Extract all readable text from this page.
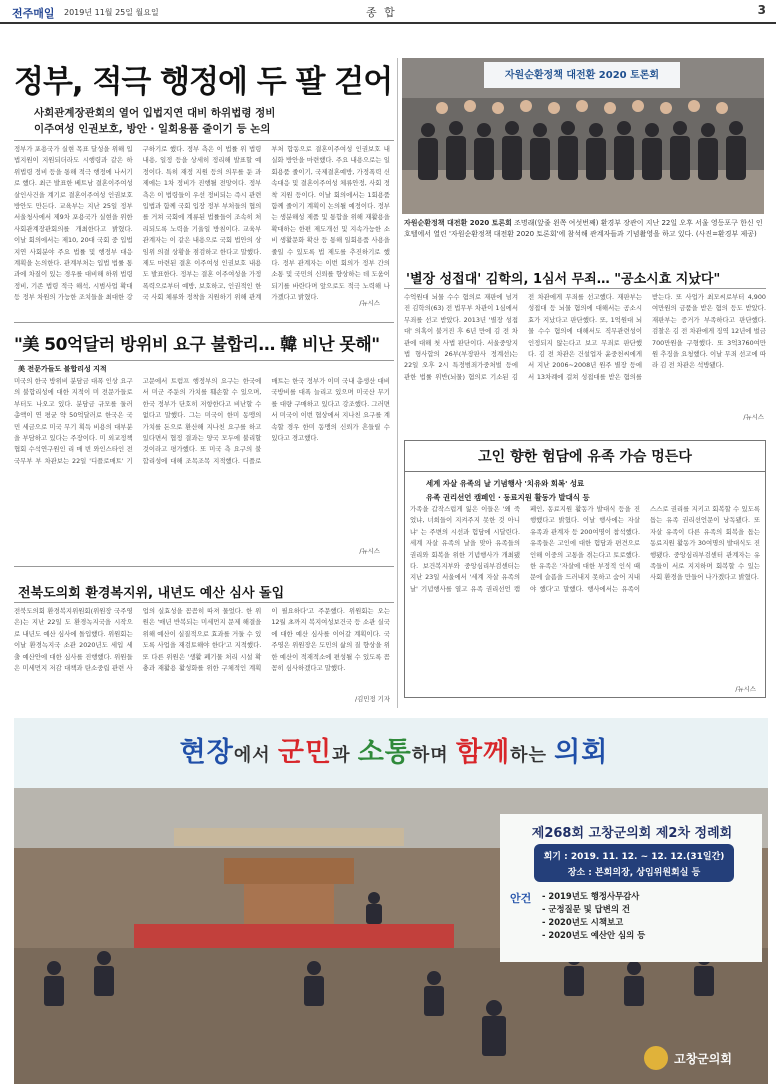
전주매일 2019년 11월 25일 월요일	종 합	3
정부, 적극 행정에 두 팔 걷어
사회관계장관회의 열어 입법지연 대비 하위법령 정비
이주여성 인권보호, 방안 · 일회용품 줄이기 등 논의
정부가 포용국가 실현 목표 달성을 위해 입법지원이 지원되더라도 시행령과 같은 하위법령 정비 등을 통해 적극 행정에 나서기로 했다. 최근 발표한 베트남 결혼이주여성 살인사건을 계기로 결혼이주여성 인권보호 방안도 만든다. 교육부는 지난 25일 정부서울청사에서 제9차 포용국가 실현을 위한 사회관계장관회의를 개최한다고 밝혔다. 이날 회의에서는 제10, 20대 국회 중 입법지연 사회분야 주요 법률 및 행정부 대응 계획을 논의한다. 관계부처는 입법 법률 통과에 차질이 있는 경우를 대비해 하위 법령 정비, 기존 법령 적극 해석, 시범사업 확대 등 정부 차원의 가능한 조치들을 최대한 강구하기로 했다. 정부 측은 이 법률 위 법령 내용, 일정 등을 상세히 정리해 발표할 예정이다. 특히 재정 지원 등의 의무를 둔 과제에는 1차 정비가 진행될 전망이다. 정부 측은 이 법령들이 우선 정비되는 즉시 관련 입법과 함께 국회 입장 정부 부처들의 협의를 거쳐 국회에 계류된 법률들이 조속히 처리되도록 노력을 기울일 방침이다. 교육부 관계자는 이 같은 내용으로 국회 법안의 상임위 의결 상황을 점검하고 한다고 말했다. 제도 마련된 결혼 이주여성 인권보호 내용도 발표한다. 정부는 결혼 이주여성을 가정폭력으로부터 예방, 보호하고, 인권적인 한국 사회 체류와 정착을 지원하기 위해 관계부처 합동으로 결혼이주여성 인권보호 내실화 방안을 마련했다. 주요 내용으로는 일회용품 줄이기, 국제결혼예방, 가정폭력 신속대응 및 결혼이주여성 체류안정, 사회 정착 지원 등이다. 이날 회의에서는 1회용품 함께 줄이기 계획이 논의될 예정이다. 정부는 생분해성 제품 및 통합을 위해 재활용을 확대하는 한편 제도개선 및 지속가능한 소비 생활문화 확산 등 통해 일회용품 사용을 줄일 수 있도록 법 제도를 추진하기로 했다. 정부 관계자는 이번 회의가 정부 간의 소통 및 국민의 신뢰를 향상하는 데 도움이 되기를 바란다며 앞으로도 적극 노력해 나가겠다고 밝혔다.
/뉴시스
자원순환정책 대전환 2020 토론회
자원순환정책 대전환 2020 토론회 조명래(앞줄 왼쪽 여섯번째) 환경부 장관이 지난 22일 오후 서울 영등포구 한신 인 호텔에서 열린 '자원순환정책 대전환 2020 토론회'에 참석해 관계자들과 기념촬영을 하고 있다. (사진=환경부 제공)
'별장 성접대' 김학의, 1심서 무죄… "공소시효 지났다"
수억원대 뇌물 수수 혐의로 재판에 넘겨진 김학의(63) 전 법무부 차관이 1심에서 무죄를 선고 받았다. 2013년 '별장 성접대' 의혹이 불거진 후 6년 만에 김 전 차관에 대해 첫 사법 판단이다. 서울중앙지법 형사합의 26부(부장판사 정계선)는 22일 오후 2시 특정범죄가중처벌 등에 관한 법률 위반(뇌물) 혐의로 기소된 김 전 차관에게 무죄를 선고했다. 재판부는 성접대 등 뇌물 혐의에 대해서는 공소시효가 지났다고 판단했다. 또, 1억원대 뇌물 수수 혐의에 대해서도 직무관련성이 인정되지 않는다고 보고 무죄로 판단했다. 김 전 차관은 건설업자 윤중천씨에게 서 지난 2006~2008년 원주 별장 등에서 13차례에 걸쳐 성접대를 받은 혐의를 받는다. 또 사업가 최모씨로부터 4,900여만원의 금품을 받은 혐의 등도 받았다. 재판부는 증거가 부족하다고 판단했다. 검찰은 김 전 차관에게 징역 12년에 벌금 700만원을 구형했다. 또 3억3760여만원 추징을 요청했다. 이날 무죄 선고에 따라 김 전 차관은 석방됐다.
/뉴시스
"美 50억달러 방위비 요구 불합리… 韓 비난 못해"
美 전문가들도 불합리성 지적
미국의 한국 방위비 분담금 대폭 인상 요구의 불합리성에 대한 지적이 미 전문가들로부터도 나오고 있다. 분담금 규모를 둘러 총액이 연 평균 약 50억달러로 한국은 국민 세금으로 미국 무기 획득 비용의 대부분을 부담하고 있다는 주장이다. 미 외교정책협회 수석연구원인 리 매 빈 와인스타인 전 국무부 부 차관보는 22일 '디플로매트' 기고문에서 트럼프 행정부의 요구는 한국에서 미군 주둔의 가치를 훼손할 수 있으며, 한국 정부가 단호히 저항한다고 비난할 수 없다고 말했다. 그는 미국이 한미 동맹의 가치를 돈으로 환산해 지나친 요구를 하고 있다면서 협정 결과는 양국 모두에 불리할 것이라고 평가했다. 또 미국 측 요구의 불합리성에 대해 조목조목 지적했다. 디플로매트는 한국 정부가 이미 국내 총생산 대비 국방비를 대폭 늘리고 있으며 미국산 무기를 대량 구매하고 있다고 강조했다. 그러면서 미국이 이번 협상에서 지나친 요구를 계속할 경우 한미 동맹의 신뢰가 흔들릴 수 있다고 경고했다.
/뉴시스
고인 향한 험담에 유족 가슴 멍든다
세계 자살 유족의 날 기념행사 '치유와 회복' 성료
유족 권리선언 캠페인 · 동료지원 활동가 발대식 등
가족을 갑작스럽게 잃은 이들은 '왜 죽었냐, 너희들이 지켜주지 못한 것 아니냐' 는 주변의 시선과 험담에 시달린다. 세계 자살 유족의 날을 맞아 유족들의 권리와 회복을 위한 기념행사가 개최됐다. 보건복지부와 중앙심리부검센터는 지난 23일 서울에서 '세계 자살 유족의 날' 기념행사를 열고 유족 권리선언 캠페인, 동료지원 활동가 발대식 등을 진행했다고 밝혔다. 이날 행사에는 자살 유족과 관계자 등 200여명이 참석했다. 유족들은 고인에 대한 험담과 편견으로 인해 이중의 고통을 겪는다고 토로했다. 한 유족은 '자살에 대한 부정적 인식 때문에 슬픔을 드러내지 못하고 숨어 지내야 했다'고 말했다. 행사에서는 유족이 스스로 권리를 지키고 회복할 수 있도록 돕는 유족 권리선언문이 낭독됐다. 또 자살 유족이 다른 유족의 회복을 돕는 동료지원 활동가 30여명의 발대식도 진행됐다. 중앙심리부검센터 관계자는 유족들이 서로 지지하며 회복할 수 있는 사회 환경을 만들어 나가겠다고 밝혔다.
/뉴시스
전북도의회 환경복지위, 내년도 예산 심사 돌입
전북도의회 환경복지위원회(위원장 국주영은)는 지난 22일 도 환경녹지국을 시작으로 내년도 예산 심사에 돌입했다. 위원회는 이날 환경녹지국 소관 2020년도 세입 세출 예산안에 대한 심사를 진행했다. 위원들은 미세먼지 저감 대책과 탄소중립 관련 사업의 실효성을 꼼꼼히 따져 물었다. 한 위원은 '매년 반복되는 미세먼지 문제 해결을 위해 예산이 실질적으로 효과를 거둘 수 있도록 사업을 재검토해야 한다'고 지적했다. 또 다른 위원은 '생활 폐기물 처리 시설 확충과 재활용 활성화를 위한 구체적인 계획이 필요하다'고 주문했다. 위원회는 오는 12월 초까지 복지여성보건국 등 소관 실국에 대한 예산 심사를 이어갈 계획이다. 국주영은 위원장은 도민의 삶의 질 향상을 위한 예산이 적재적소에 편성될 수 있도록 꼼꼼히 심사하겠다고 말했다.
/김민정 기자
현장에서 군민과 소통하며 함께하는 의회
제268회 고창군의회 제2차 정례회
회기 : 2019. 11. 12. ~ 12. 12.(31일간)
장소 : 본회의장, 상임위원회실 등
안건 - 2019년도 행정사무감사
- 군정질문 및 답변의 건
- 2020년도 시책보고
- 2020년도 예산안 심의 등
고창군의회
